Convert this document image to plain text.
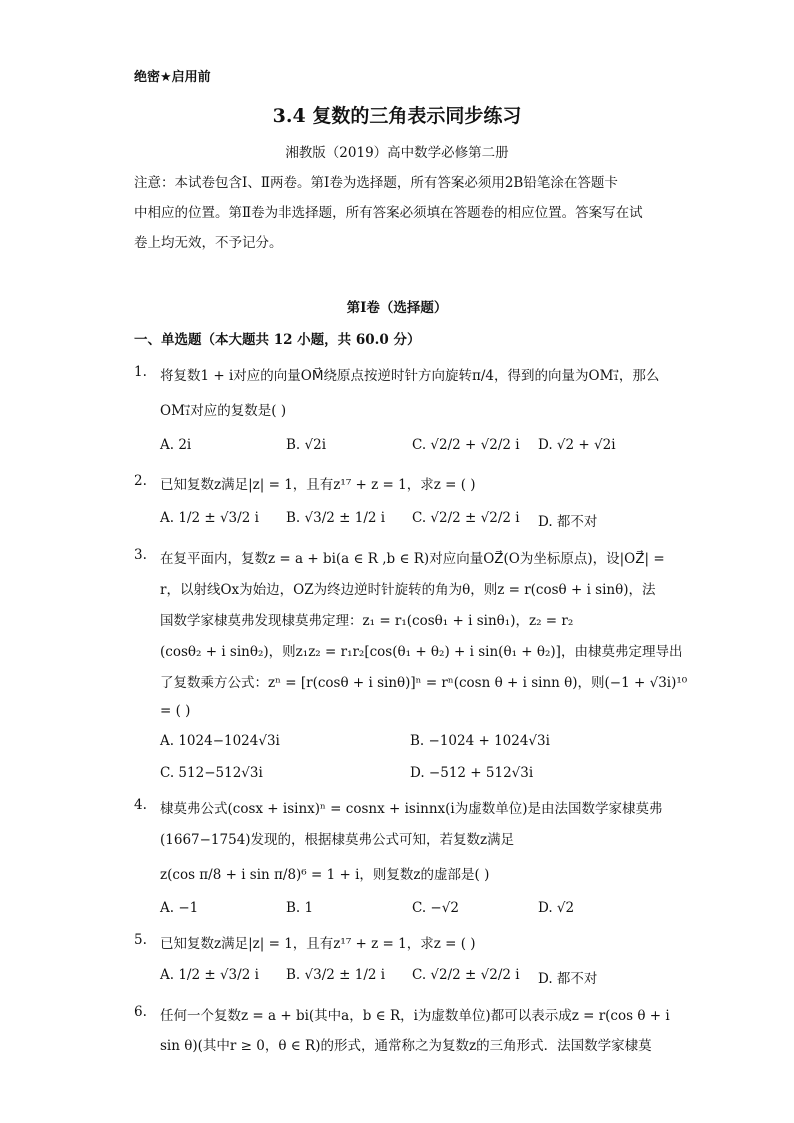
绝密★启用前
3.4 复数的三角表示同步练习
湘教版（2019）高中数学必修第二册
注意：本试卷包含Ⅰ、Ⅱ两卷。第Ⅰ卷为选择题，所有答案必须用2B铅笔涂在答题卡
中相应的位置。第Ⅱ卷为非选择题，所有答案必须填在答题卷的相应位置。答案写在试
卷上均无效，不予记分。
第Ⅰ卷（选择题）
一、单选题（本大题共 12 小题，共 60.0 分）
1. 将复数1 + i对应的向量OM⃗绕原点按逆时针方向旋转π/4，得到的向量为OM₁⃗，那么
OM₁⃗对应的复数是( )
A. 2i	B. √2i	C. √2/2 + √2/2 i D. √2 + √2i
2. 已知复数z满足|z| = 1，且有z¹⁷ + z = 1，求z = ( )
A. 1/2 ± √3/2 i B. √3/2 ± 1/2 i C. √2/2 ± √2/2 i D. 都不对
3. 在复平面内，复数z = a + bi(a ∈ R ,b ∈ R)对应向量OZ⃗(O为坐标原点)，设|OZ⃗| =
r，以射线Ox为始边，OZ为终边逆时针旋转的角为θ，则z = r(cosθ + i sinθ)，法
国数学家棣莫弗发现棣莫弗定理：z₁ = r₁(cosθ₁ + i sinθ₁)，z₂ = r₂
(cosθ₂ + i sinθ₂)，则z₁z₂ = r₁r₂[cos(θ₁ + θ₂) + i sin(θ₁ + θ₂)]，由棣莫弗定理导出
了复数乘方公式：zⁿ = [r(cosθ + i sinθ)]ⁿ = rⁿ(cosn θ + i sinn θ)，则(−1 + √3i)¹⁰
= ( )
A. 1024−1024√3i	B. −1024 + 1024√3i
C. 512−512√3i	D. −512 + 512√3i
4. 棣莫弗公式(cosx + isinx)ⁿ = cosnx + isinnx(i为虚数单位)是由法国数学家棣莫弗
(1667−1754)发现的，根据棣莫弗公式可知，若复数z满足
z(cos π/8 + i sin π/8)⁶ = 1 + i，则复数z的虚部是( )
A. −1	B. 1	C. −√2	D. √2
5. 已知复数z满足|z| = 1，且有z¹⁷ + z = 1，求z = ( )
A. 1/2 ± √3/2 i B. √3/2 ± 1/2 i C. √2/2 ± √2/2 i D. 都不对
6. 任何一个复数z = a + bi(其中a，b ∈ R，i为虚数单位)都可以表示成z = r(cos θ + i
sin θ)(其中r ≥ 0，θ ∈ R)的形式，通常称之为复数z的三角形式．法国数学家棣莫
